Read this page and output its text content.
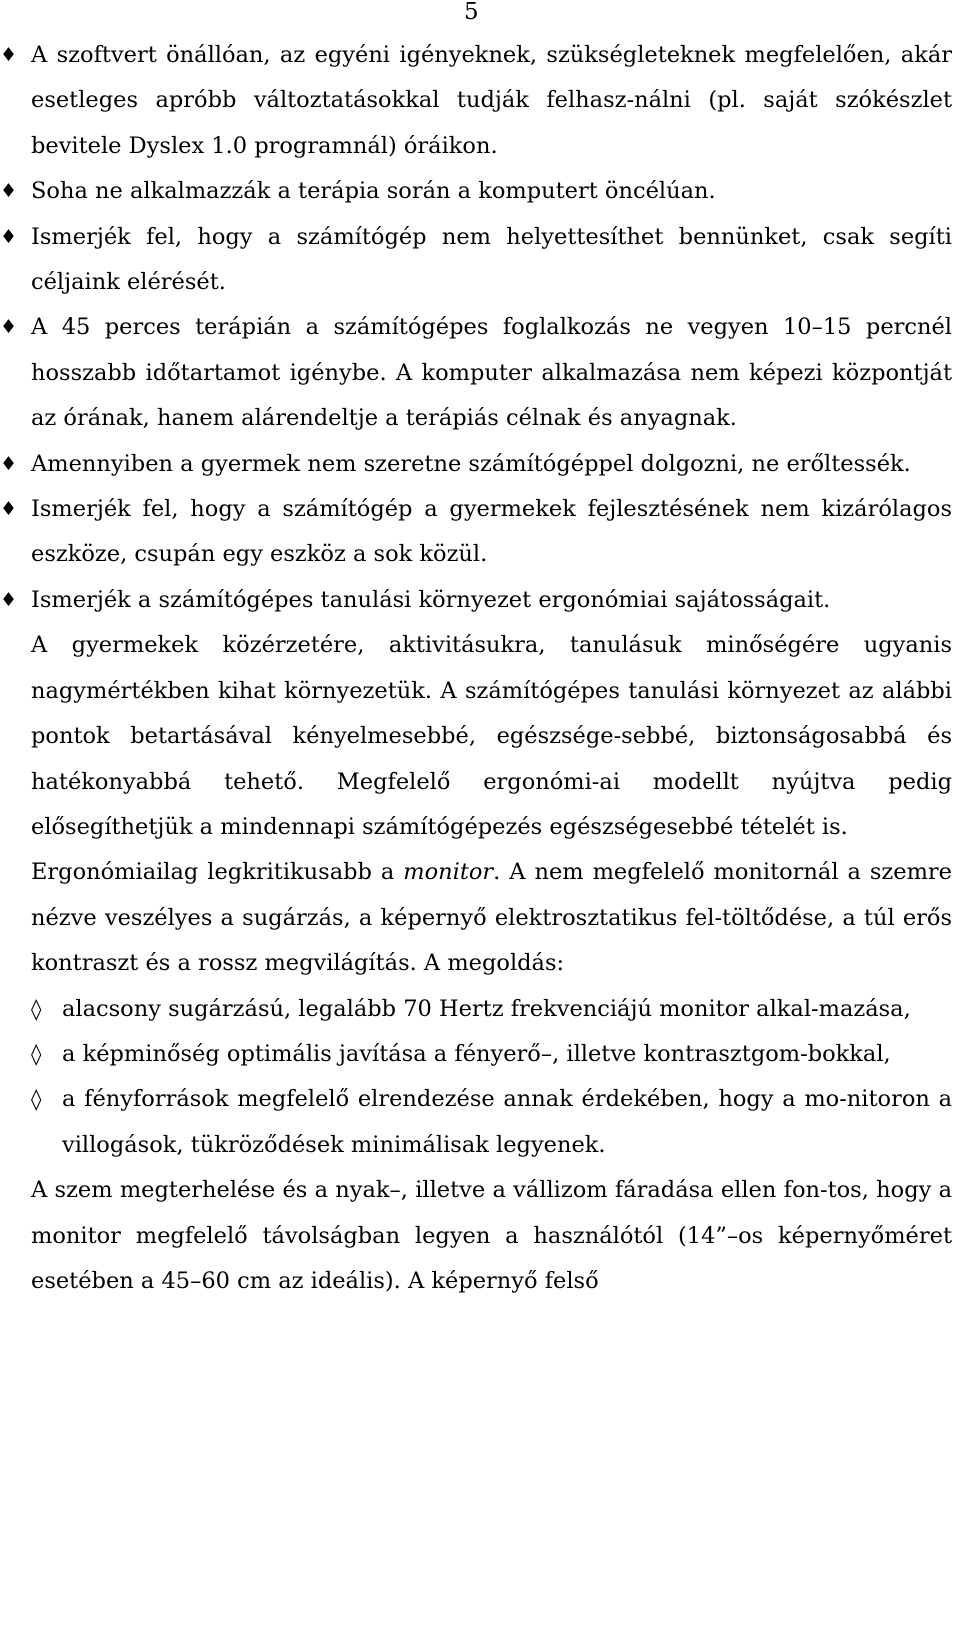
5
♦ A szoftvert önállóan, az egyéni igényeknek, szükségleteknek megfelelően, akár esetleges apróbb változtatásokkal tudják felhasz-nálni (pl. saját szókészlet bevitele Dyslex 1.0 programnál) óráikon.

♦ Soha ne alkalmazzák a terápia során a komputert öncélúan.

♦ Ismerjék fel, hogy a számítógép nem helyettesíthet bennünket, csak segíti céljaink elérését.

♦ A 45 perces terápián a számítógépes foglalkozás ne vegyen 10–15 percnél hosszabb időtartamot igénybe. A komputer alkalmazása nem képezi központját az órának, hanem alárendeltje a terápiás célnak és anyagnak.

♦ Amennyiben a gyermek nem szeretne számítógéppel dolgozni, ne erőltessék.

♦ Ismerjék fel, hogy a számítógép a gyermekek fejlesztésének nem kizárólagos eszköze, csupán egy eszköz a sok közül.

♦ Ismerjék a számítógépes tanulási környezet ergonómiai sajátosságait.

A gyermekek közérzetére, aktivitásukra, tanulásuk minőségére ugyanis nagymértékben kihat környezetük. A számítógépes tanulási környezet az alábbi pontok betartásával kényelmesebbé, egészsége-sebbé, biztonságosabbá és hatékonyabbá tehető. Megfelelő ergonómi-ai modellt nyújtva pedig elősegíthetjük a mindennapi számítógépezés egészségesebbé tételét is.

Ergonómiailag legkritikusabb a monitor. A nem megfelelő monitornál a szemre nézve veszélyes a sugárzás, a képernyő elektrosztatikus fel-töltődése, a túl erős kontraszt és a rossz megvilágítás. A megoldás:

◊ alacsony sugárzású, legalább 70 Hertz frekvenciájú monitor alkal-mazása,

◊ a képminőség optimális javítása a fényerő–, illetve kontrasztgom-bokkal,

◊ a fényforrások megfelelő elrendezése annak érdekében, hogy a mo-nitoron a villogások, tükröződések minimálisak legyenek.

A szem megterhelése és a nyak–, illetve a vállizom fáradása ellen fon-tos, hogy a monitor megfelelő távolságban legyen a használótól (14”–os képernyőméret esetében a 45–60 cm az ideális). A képernyő felső
